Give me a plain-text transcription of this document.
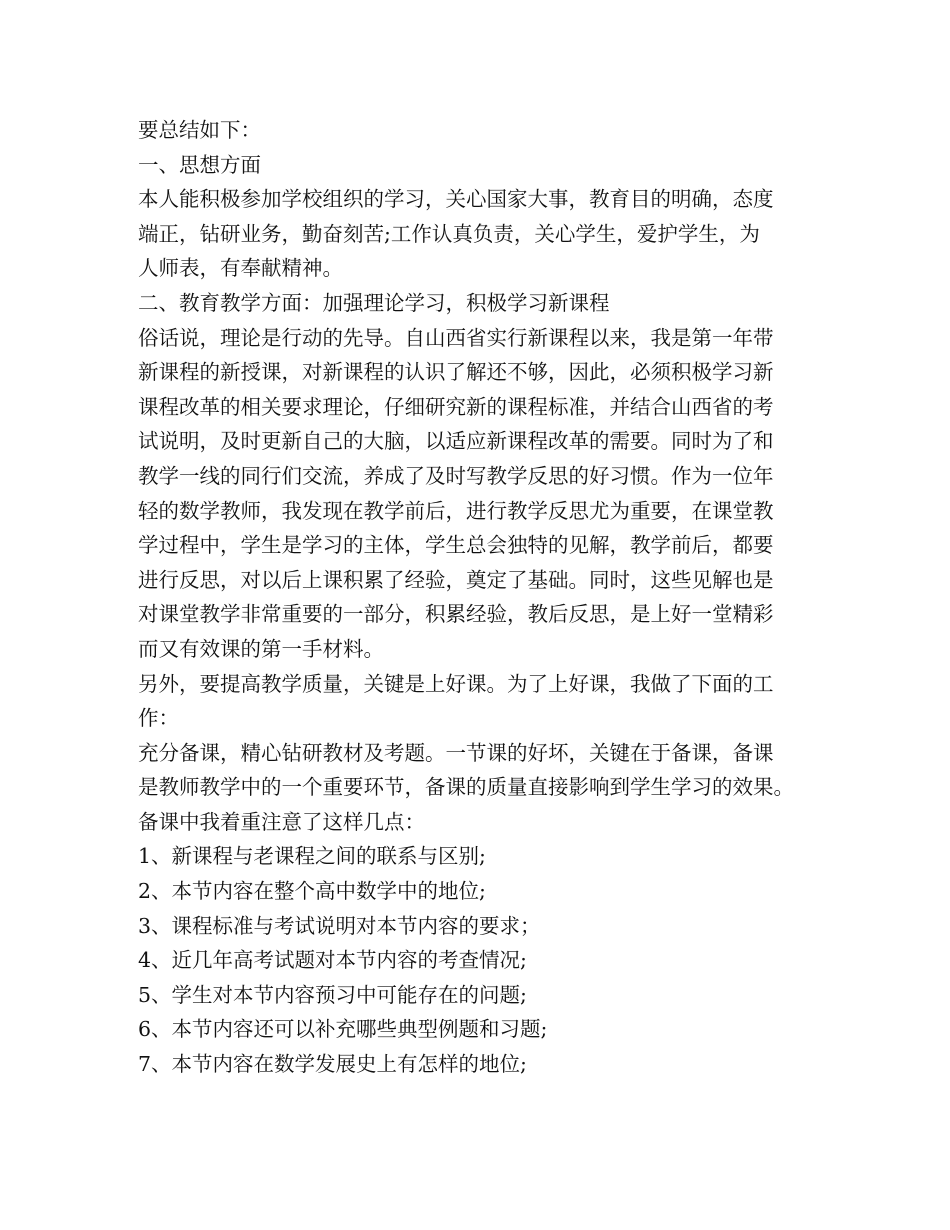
要总结如下：
一、思想方面
本人能积极参加学校组织的学习，关心国家大事，教育目的明确，态度
端正，钻研业务，勤奋刻苦;工作认真负责，关心学生，爱护学生，为
人师表，有奉献精神。
二、教育教学方面：加强理论学习，积极学习新课程
俗话说，理论是行动的先导。自山西省实行新课程以来，我是第一年带
新课程的新授课，对新课程的认识了解还不够，因此，必须积极学习新
课程改革的相关要求理论，仔细研究新的课程标准，并结合山西省的考
试说明，及时更新自己的大脑，以适应新课程改革的需要。同时为了和
教学一线的同行们交流，养成了及时写教学反思的好习惯。作为一位年
轻的数学教师，我发现在教学前后，进行教学反思尤为重要，在课堂教
学过程中，学生是学习的主体，学生总会独特的见解，教学前后，都要
进行反思，对以后上课积累了经验，奠定了基础。同时，这些见解也是
对课堂教学非常重要的一部分，积累经验，教后反思，是上好一堂精彩
而又有效课的第一手材料。
另外，要提高教学质量，关键是上好课。为了上好课，我做了下面的工
作：
充分备课，精心钻研教材及考题。一节课的好坏，关键在于备课，备课
是教师教学中的一个重要环节，备课的质量直接影响到学生学习的效果。
备课中我着重注意了这样几点：
1、新课程与老课程之间的联系与区别;
2、本节内容在整个高中数学中的地位;
3、课程标准与考试说明对本节内容的要求；
4、近几年高考试题对本节内容的考查情况;
5、学生对本节内容预习中可能存在的问题;
6、本节内容还可以补充哪些典型例题和习题;
7、本节内容在数学发展史上有怎样的地位;
